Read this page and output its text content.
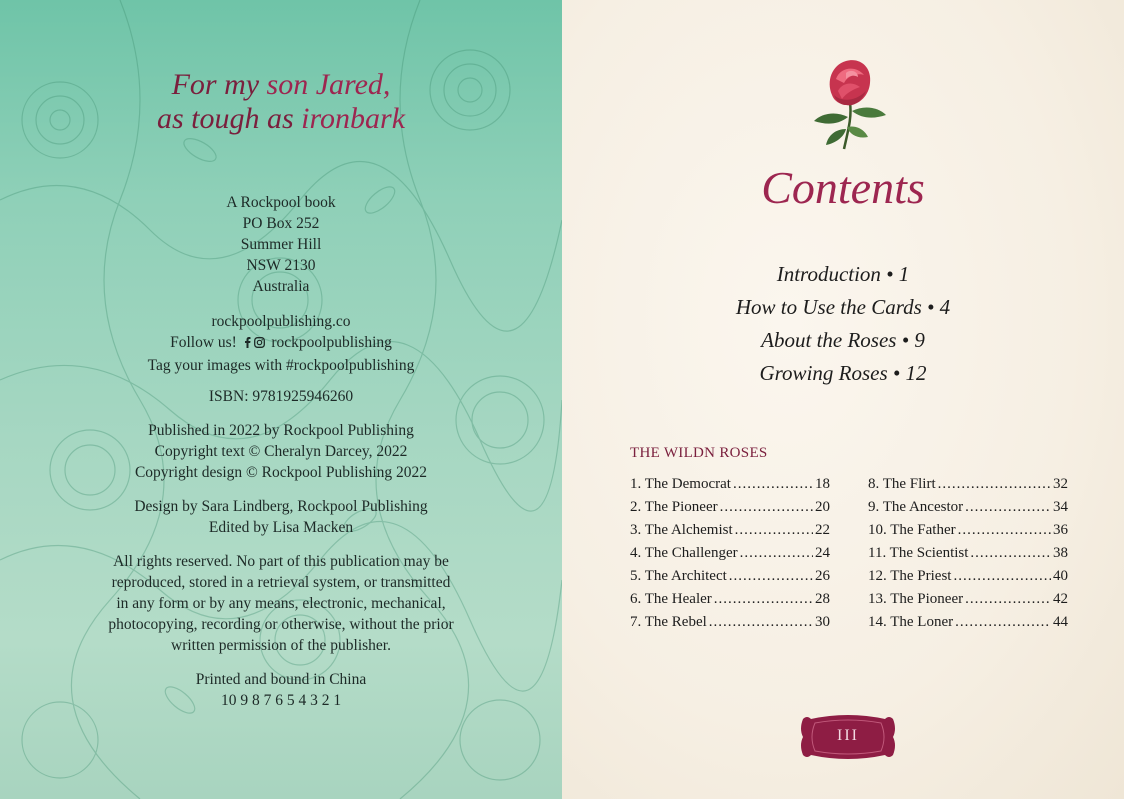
For my son Jared,
as tough as ironbark
A Rockpool book
PO Box 252
Summer Hill
NSW 2130
Australia
rockpoolpublishing.co
Follow us! rockpoolpublishing
Tag your images with #rockpoolpublishing
ISBN: 9781925946260
Published in 2022 by Rockpool Publishing
Copyright text © Cheralyn Darcey, 2022
Copyright design © Rockpool Publishing 2022
Design by Sara Lindberg, Rockpool Publishing
Edited by Lisa Macken
All rights reserved. No part of this publication may be
reproduced, stored in a retrieval system, or transmitted
in any form or by any means, electronic, mechanical,
photocopying, recording or otherwise, without the prior
written permission of the publisher.
Printed and bound in China
10 9 8 7 6 5 4 3 2 1
Contents
Introduction • 1
How to Use the Cards • 4
About the Roses • 9
Growing Roses • 12
THE WILDN ROSES
1. The Democrat .....	18
2. The Pioneer .....	20
3. The Alchemist .....	22
4. The Challenger .....	24
5. The Architect .....	26
6. The Healer .....	28
7. The Rebel .....	30
8. The Flirt .....	32
9. The Ancestor .....	34
10. The Father .....	36
11. The Scientist .....	38
12. The Priest .....	40
13. The Pioneer .....	42
14. The Loner .....	44
III
